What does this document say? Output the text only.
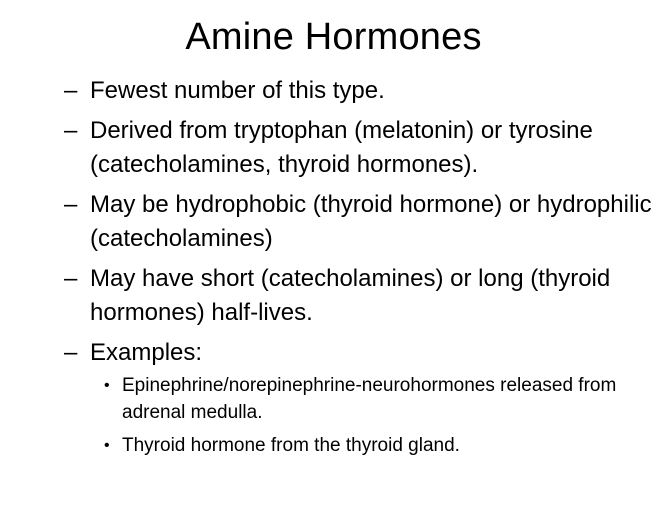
Amine Hormones
– Fewest number of this type.
– Derived from tryptophan (melatonin) or tyrosine (catecholamines, thyroid hormones).
– May be hydrophobic (thyroid hormone) or hydrophilic (catecholamines)
– May have short (catecholamines) or long (thyroid hormones) half-lives.
– Examples:
• Epinephrine/norepinephrine-neurohormones released from adrenal medulla.
• Thyroid hormone from the thyroid gland.
